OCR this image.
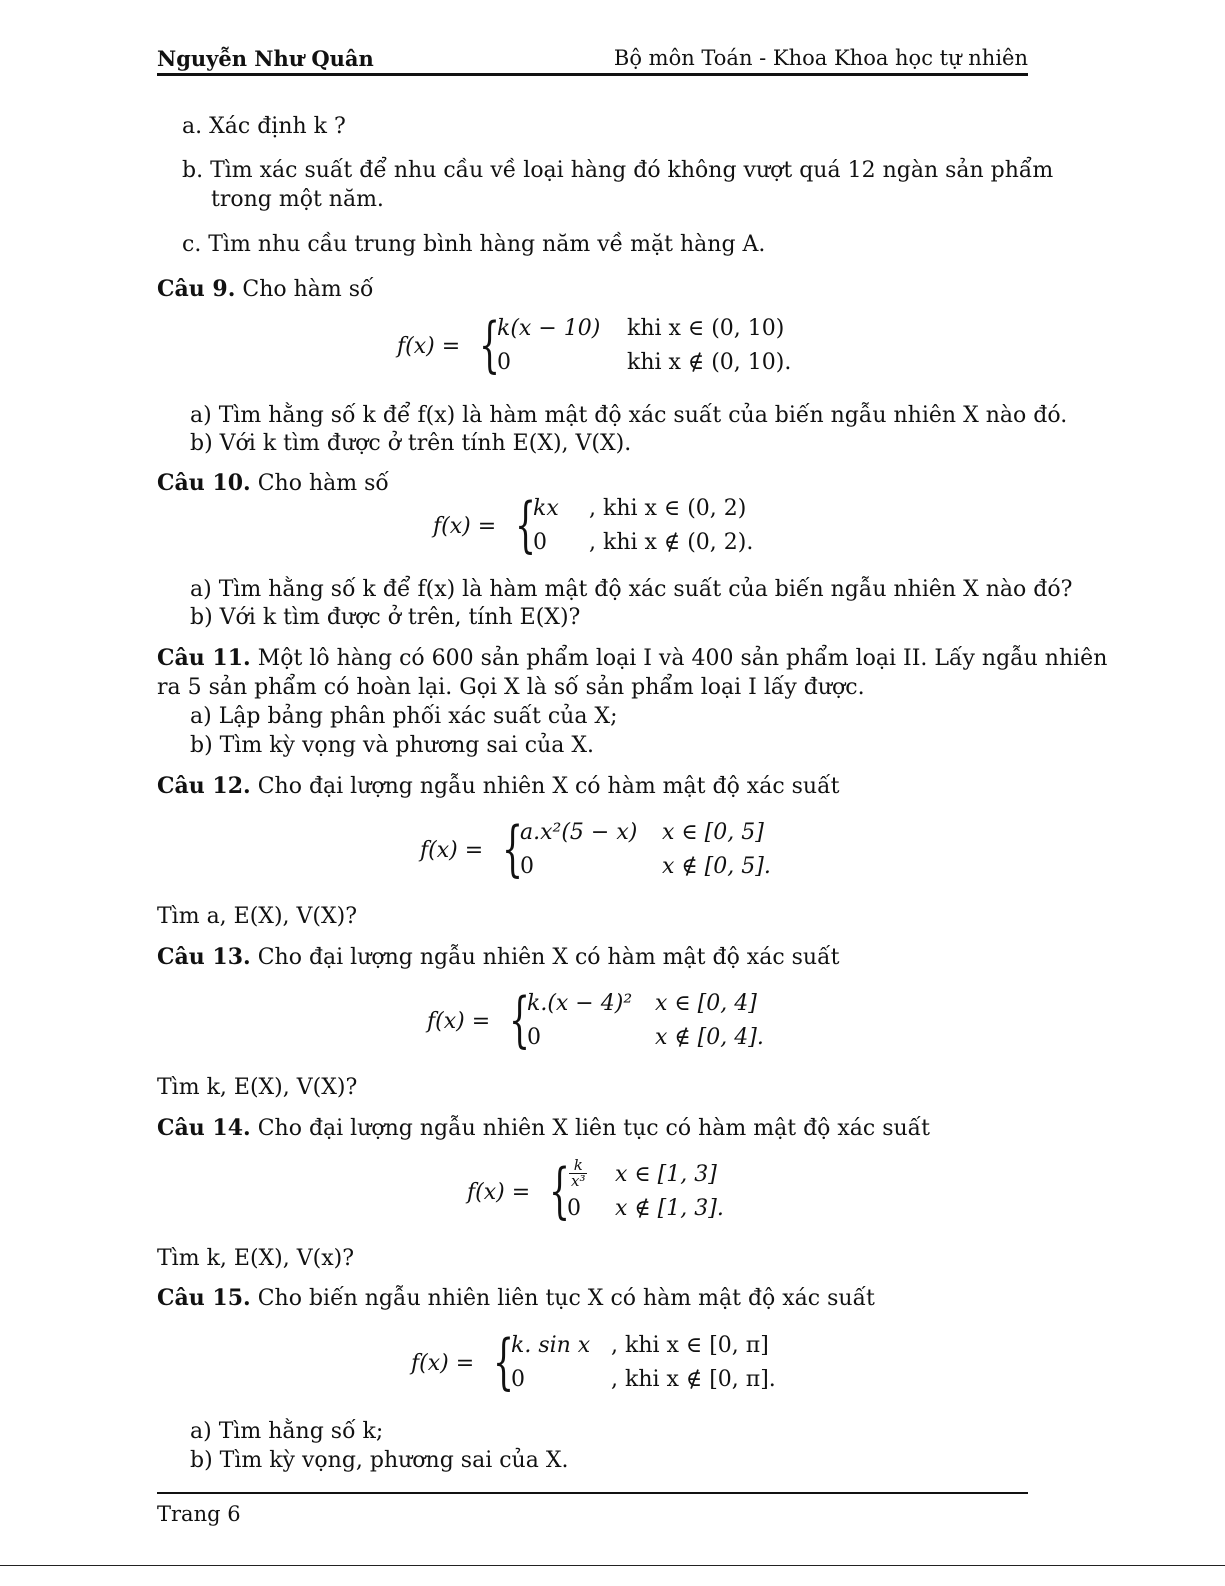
Nguyễn Như Quân	Bộ môn Toán - Khoa Khoa học tự nhiên
a. Xác định k ?
b. Tìm xác suất để nhu cầu về loại hàng đó không vượt quá 12 ngàn sản phẩm
trong một năm.
c. Tìm nhu cầu trung bình hàng năm về mặt hàng A.
Câu 9. Cho hàm số
f(x) = {
k(x − 10) khi x ∈ (0, 10)
0	khi x ∉ (0, 10).
a) Tìm hằng số k để f(x) là hàm mật độ xác suất của biến ngẫu nhiên X nào đó.
b) Với k tìm được ở trên tính E(X), V(X).
Câu 10. Cho hàm số
f(x) = {
kx , khi x ∈ (0, 2)
0 , khi x ∉ (0, 2).
a) Tìm hằng số k để f(x) là hàm mật độ xác suất của biến ngẫu nhiên X nào đó?
b) Với k tìm được ở trên, tính E(X)?
Câu 11. Một lô hàng có 600 sản phẩm loại I và 400 sản phẩm loại II. Lấy ngẫu nhiên
ra 5 sản phẩm có hoàn lại. Gọi X là số sản phẩm loại I lấy được.
a) Lập bảng phân phối xác suất của X;
b) Tìm kỳ vọng và phương sai của X.
Câu 12. Cho đại lượng ngẫu nhiên X có hàm mật độ xác suất
f(x) = {
a.x²(5 − x) x ∈ [0, 5]
0	x ∉ [0, 5].
Tìm a, E(X), V(X)?
Câu 13. Cho đại lượng ngẫu nhiên X có hàm mật độ xác suất
f(x) = {
k.(x − 4)² x ∈ [0, 4]
0	x ∉ [0, 4].
Tìm k, E(X), V(X)?
Câu 14. Cho đại lượng ngẫu nhiên X liên tục có hàm mật độ xác suất
f(x) = {
$\frac{k}{\text{x³}}$ x ∈ [1, 3]
0 x ∉ [1, 3].
Tìm k, E(X), V(x)?
Câu 15. Cho biến ngẫu nhiên liên tục X có hàm mật độ xác suất
f(x) = {
k. sin x , khi x ∈ [0, π]
0	, khi x ∉ [0, π].
a) Tìm hằng số k;
b) Tìm kỳ vọng, phương sai của X.
Trang 6
